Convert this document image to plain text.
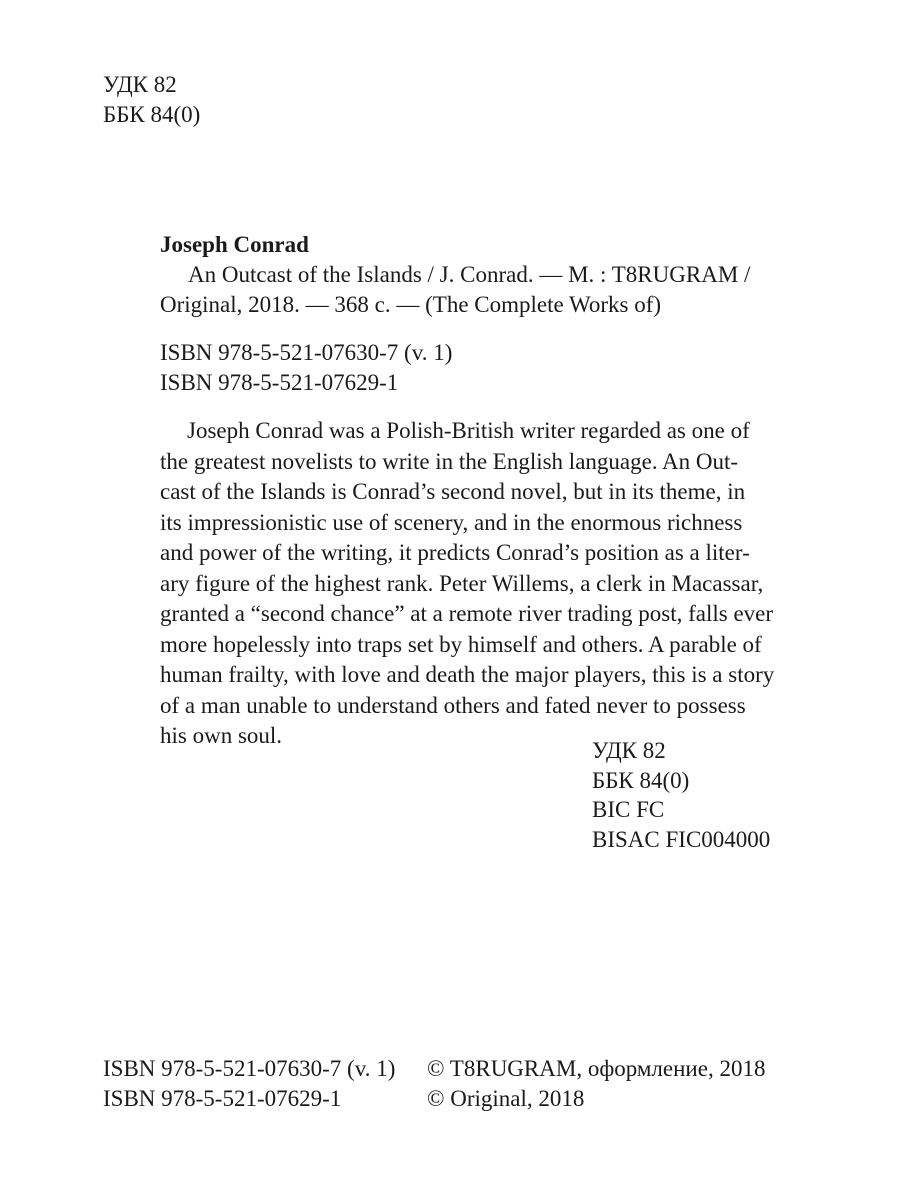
УДК 82
ББК 84(0)
Joseph Conrad
An Outcast of the Islands / J. Conrad. — M. : T8RUGRAM /
Original, 2018. — 368 c. — (The Complete Works of)
ISBN 978-5-521-07630-7 (v. 1)
ISBN 978-5-521-07629-1
Joseph Conrad was a Polish-British writer regarded as one of
the greatest novelists to write in the English language. An Out-
cast of the Islands is Conrad’s second novel, but in its theme, in
its impressionistic use of scenery, and in the enormous richness
and power of the writing, it predicts Conrad’s position as a liter-
ary figure of the highest rank. Peter Willems, a clerk in Macassar,
granted a “second chance” at a remote river trading post, falls ever
more hopelessly into traps set by himself and others. A parable of
human frailty, with love and death the major players, this is a story
of a man unable to understand others and fated never to possess
his own soul.
УДК 82
ББК 84(0)
BIC FC
BISAC FIC004000
ISBN 978-5-521-07630-7 (v. 1)
ISBN 978-5-521-07629-1
© T8RUGRAM, оформление, 2018
© Original, 2018
